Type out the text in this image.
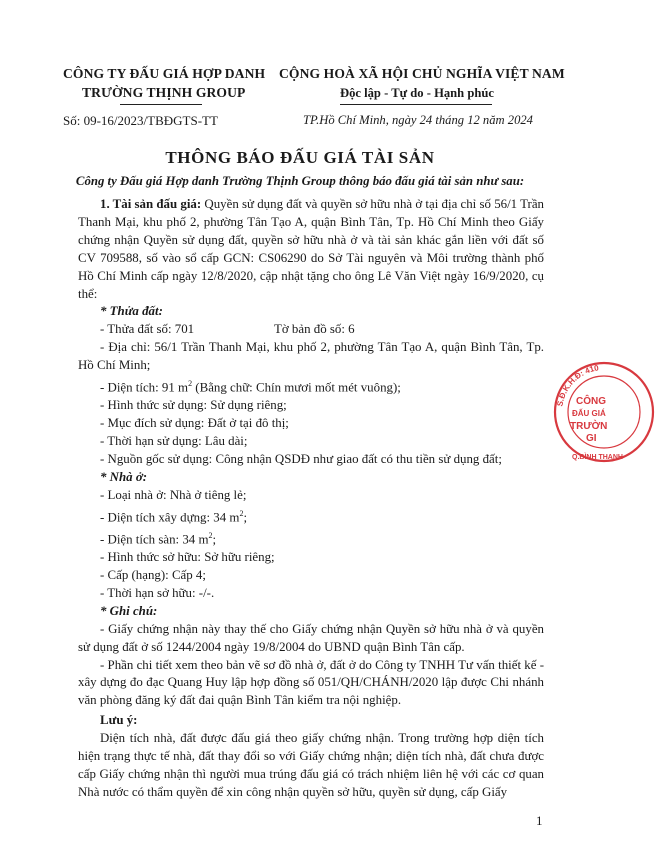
CÔNG TY ĐẤU GIÁ HỢP DANH
TRƯỜNG THỊNH GROUP
Số: 09-16/2023/TBĐGTS-TT
CỘNG HOÀ XÃ HỘI CHỦ NGHĨA VIỆT NAM
Độc lập - Tự do - Hạnh phúc
TP.Hồ Chí Minh, ngày 24 tháng 12 năm 2024
THÔNG BÁO ĐẤU GIÁ TÀI SẢN
Công ty Đấu giá Hợp danh Trường Thịnh Group thông báo đấu giá tài sản như sau:

1. Tài sản đấu giá: Quyền sử dụng đất và quyền sở hữu nhà ở tại địa chỉ số 56/1 Trần Thanh Mại, khu phố 2, phường Tân Tạo A, quận Bình Tân, Tp. Hồ Chí Minh theo Giấy chứng nhận Quyền sử dụng đất, quyền sở hữu nhà ở và tài sản khác gắn liền với đất số CV 709588, số vào sổ cấp GCN: CS06290 do Sở Tài nguyên và Môi trường thành phố Hồ Chí Minh cấp ngày 12/8/2020, cập nhật tặng cho ông Lê Văn Việt ngày 16/9/2020, cụ thể:

* Thửa đất:

- Thửa đất số: 701	Tờ bản đồ số: 6

- Địa chỉ: 56/1 Trần Thanh Mại, khu phố 2, phường Tân Tạo A, quận Bình Tân, Tp. Hồ Chí Minh;

- Diện tích: 91 $m^2$ (Bằng chữ: Chín mươi mốt mét vuông);

- Hình thức sử dụng: Sử dụng riêng;

- Mục đích sử dụng: Đất ở tại đô thị;

- Thời hạn sử dụng: Lâu dài;

- Nguồn gốc sử dụng: Công nhận QSDĐ như giao đất có thu tiền sử dụng đất;

* Nhà ở:

- Loại nhà ở: Nhà ở tiêng lẻ;

- Diện tích xây dựng: 34 $m^2$;

- Diện tích sàn: 34 $m^2$;

- Hình thức sở hữu: Sở hữu riêng;

- Cấp (hạng): Cấp 4;

- Thời hạn sở hữu: -/-.

* Ghi chú:

- Giấy chứng nhận này thay thế cho Giấy chứng nhận Quyền sở hữu nhà ở và quyền sử dụng đất ở số 1244/2004 ngày 19/8/2004 do UBND quận Bình Tân cấp.

- Phần chi tiết xem theo bản vẽ sơ đồ nhà ở, đất ở do Công ty TNHH Tư vấn thiết kế - xây dựng đo đạc Quang Huy lập hợp đồng số 051/QH/CHÁNH/2020 lập được Chi nhánh văn phòng đăng ký đất đai quận Bình Tân kiểm tra nội nghiệp.

Lưu ý:

Diện tích nhà, đất được đấu giá theo giấy chứng nhận. Trong trường hợp diện tích hiện trạng thực tế nhà, đất thay đổi so với Giấy chứng nhận; diện tích nhà, đất chưa được cấp Giấy chứng nhận thì người mua trúng đấu giá có trách nhiệm liên hệ với các cơ quan Nhà nước có thẩm quyền để xin công nhận quyền sở hữu, quyền sử dụng, cấp Giấy

S.Đ.K.H.Đ: 410
CÔNG
ĐẤU GIÁ
TRƯỜN
GI
Q.BÌNH THẠNH
1
